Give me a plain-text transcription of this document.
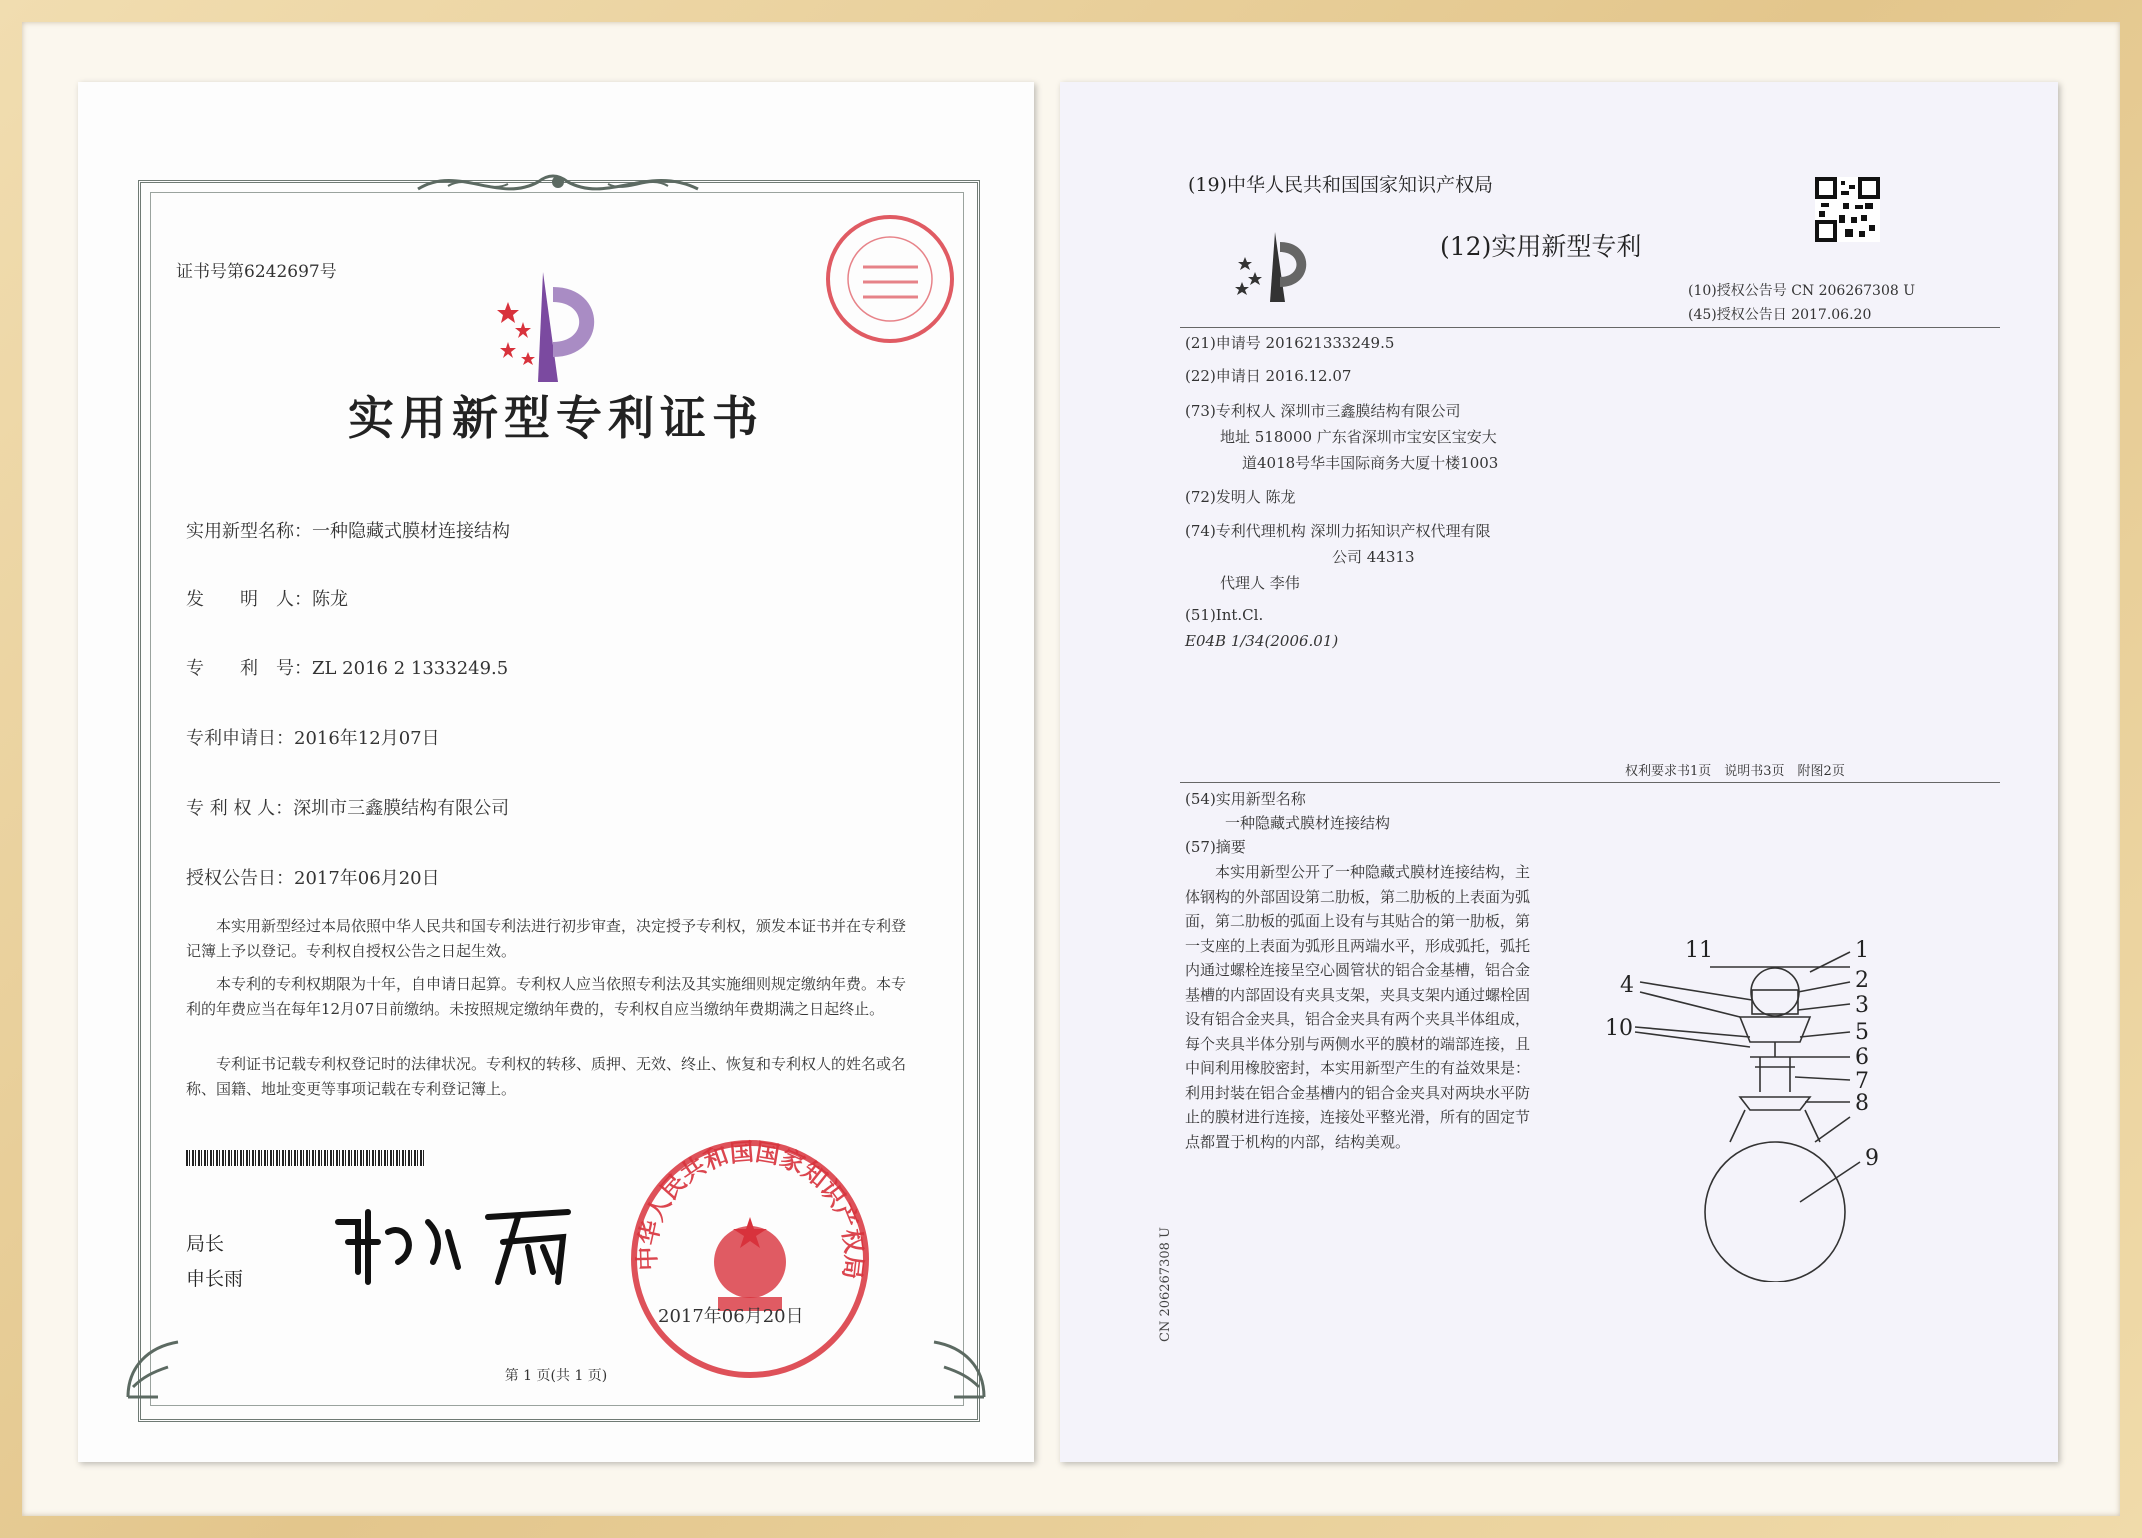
证书号第6242697号
实用新型专利证书
实用新型名称：一种隐藏式膜材连接结构
发　　明　人：陈龙
专　　利　号：ZL 2016 2 1333249.5
专利申请日：2016年12月07日
专 利 权 人：深圳市三鑫膜结构有限公司
授权公告日：2017年06月20日
本实用新型经过本局依照中华人民共和国专利法进行初步审查，决定授予专利权，颁发本证书并在专利登记簿上予以登记。专利权自授权公告之日起生效。
本专利的专利权期限为十年，自申请日起算。专利权人应当依照专利法及其实施细则规定缴纳年费。本专利的年费应当在每年12月07日前缴纳。未按照规定缴纳年费的，专利权自应当缴纳年费期满之日起终止。
专利证书记载专利权登记时的法律状况。专利权的转移、质押、无效、终止、恢复和专利权人的姓名或名称、国籍、地址变更等事项记载在专利登记簿上。
局长
申长雨
中华人民共和国国家知识产权局
2017年06月20日
第 1 页(共 1 页)
(19)中华人民共和国国家知识产权局
(12)实用新型专利
(10)授权公告号 CN 206267308 U
(45)授权公告日 2017.06.20
(21)申请号 201621333249.5
(22)申请日 2016.12.07
(73)专利权人 深圳市三鑫膜结构有限公司
地址 518000 广东省深圳市宝安区宝安大
道4018号华丰国际商务大厦十楼1003
(72)发明人 陈龙
(74)专利代理机构 深圳力拓知识产权代理有限
公司 44313
代理人 李伟
(51)Int.Cl.
E04B 1/34(2006.01)
权利要求书1页　说明书3页　附图2页
(54)实用新型名称
一种隐藏式膜材连接结构
(57)摘要
本实用新型公开了一种隐藏式膜材连接结构，主体钢构的外部固设第二肋板，第二肋板的上表面为弧面，第二肋板的弧面上设有与其贴合的第一肋板，第一支座的上表面为弧形且两端水平，形成弧托，弧托内通过螺栓连接呈空心圆管状的铝合金基槽，铝合金基槽的内部固设有夹具支架，夹具支架内通过螺栓固设有铝合金夹具，铝合金夹具有两个夹具半体组成，每个夹具半体分别与两侧水平的膜材的端部连接，且中间利用橡胶密封，本实用新型产生的有益效果是：利用封装在铝合金基槽内的铝合金夹具对两块水平防止的膜材进行连接，连接处平整光滑，所有的固定节点都置于机构的内部，结构美观。
11	1
4	2
3
10	5
6
7
8
9
CN 206267308 U
